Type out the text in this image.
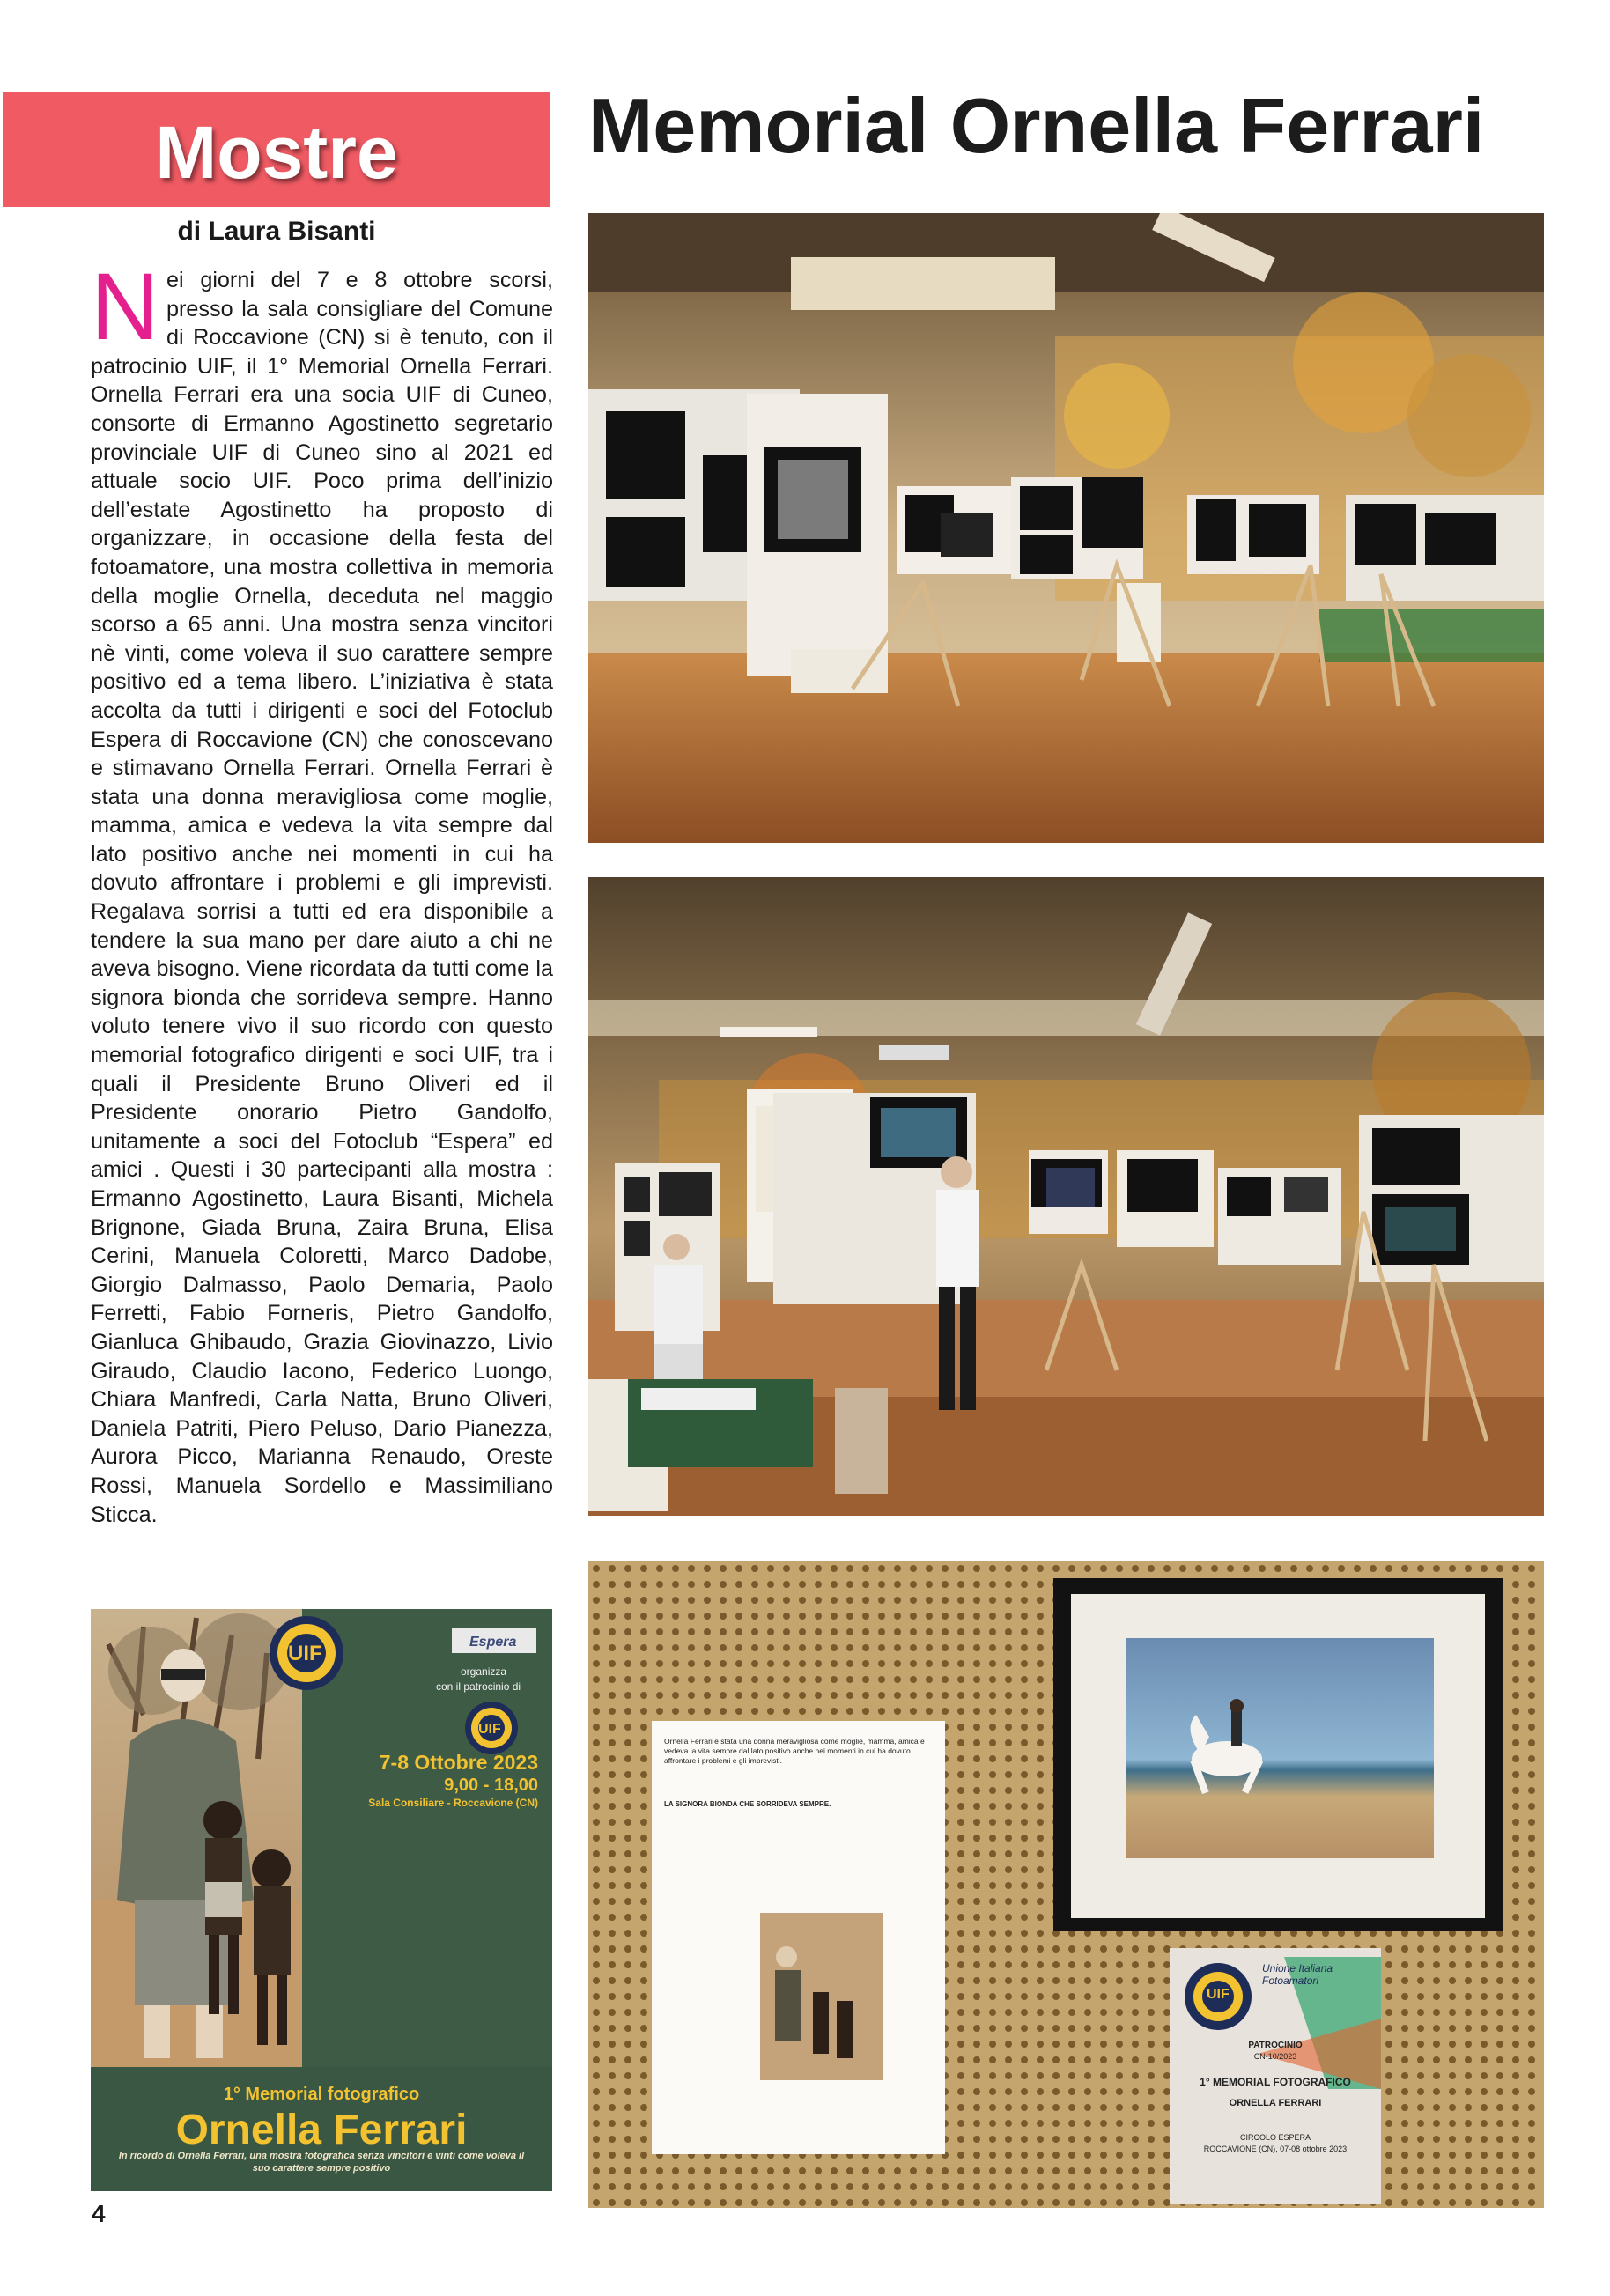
Mostre	Memorial Ornella Ferrari
di Laura Bisanti
Nei giorni del 7 e 8 ottobre scorsi, presso la sala consigliare del Comune di Roccavione (CN) si è tenuto, con il patrocinio UIF, il 1° Memorial Ornella Ferrari. Ornella Ferrari era una socia UIF di Cuneo, consorte di Ermanno Agostinetto segretario provinciale UIF di Cuneo sino al 2021 ed attuale socio UIF. Poco prima dell’inizio dell’estate Agostinetto ha proposto di organizzare, in occasione della festa del fotoamatore, una mostra collettiva in memoria della moglie Ornella, deceduta nel maggio scorso a 65 anni. Una mostra senza vincitori nè vinti, come voleva il suo carattere sempre positivo ed a tema libero. L’iniziativa è stata accolta da tutti i dirigenti e soci del Fotoclub Espera di Roccavione (CN) che conoscevano e stimavano Ornella Ferrari. Ornella Ferrari è stata una donna meravigliosa come moglie, mamma, amica e vedeva la vita sempre dal lato positivo anche nei momenti in cui ha dovuto affrontare i problemi e gli imprevisti. Regalava sorrisi a tutti ed era disponibile a tendere la sua mano per dare aiuto a chi ne aveva bisogno. Viene ricordata da tutti come la signora bionda che sorrideva sempre. Hanno voluto tenere vivo il suo ricordo con questo memorial fotografico dirigenti e soci UIF, tra i quali il Presidente Bruno Oliveri ed il Presidente onorario Pietro Gandolfo, unitamente a soci del Fotoclub “Espera” ed amici . Questi i 30 partecipanti alla mostra : Ermanno Agostinetto, Laura Bisanti, Michela Brignone, Giada Bruna, Zaira Bruna, Elisa Cerini, Manuela Coloretti, Marco Dadobe, Giorgio Dalmasso, Paolo Demaria, Paolo Ferretti, Fabio Forneris, Pietro Gandolfo, Gianluca Ghibaudo, Grazia Giovinazzo, Livio Giraudo, Claudio Iacono, Federico Luongo, Chiara Manfredi, Carla Natta, Bruno Oliveri, Daniela Patriti, Piero Peluso, Dario Pianezza, Aurora Picco, Marianna Renaudo, Oreste Rossi, Manuela Sordello e Massimiliano Sticca.
UIF	Espera
organizza
con il patrocinio di
UIF
7-8 Ottobre 2023
9,00 - 18,00
Sala Consiliare - Roccavione (CN)
1° Memorial fotografico
Ornella Ferrari
In ricordo di Ornella Ferrari, una mostra fotografica senza vincitori e vinti come voleva il suo carattere sempre positivo
Ornella Ferrari è stata una donna meravigliosa come moglie, mamma, amica e vedeva la vita sempre dal lato positivo anche nei momenti in cui ha dovuto affrontare i problemi e gli imprevisti.
LA SIGNORA BIONDA CHE SORRIDEVA SEMPRE.
UIF
Unione Italiana Fotoamatori
PATROCINIO
CN-10/2023
1° MEMORIAL FOTOGRAFICO
ORNELLA FERRARI
CIRCOLO ESPERA
ROCCAVIONE (CN), 07-08 ottobre 2023
4
